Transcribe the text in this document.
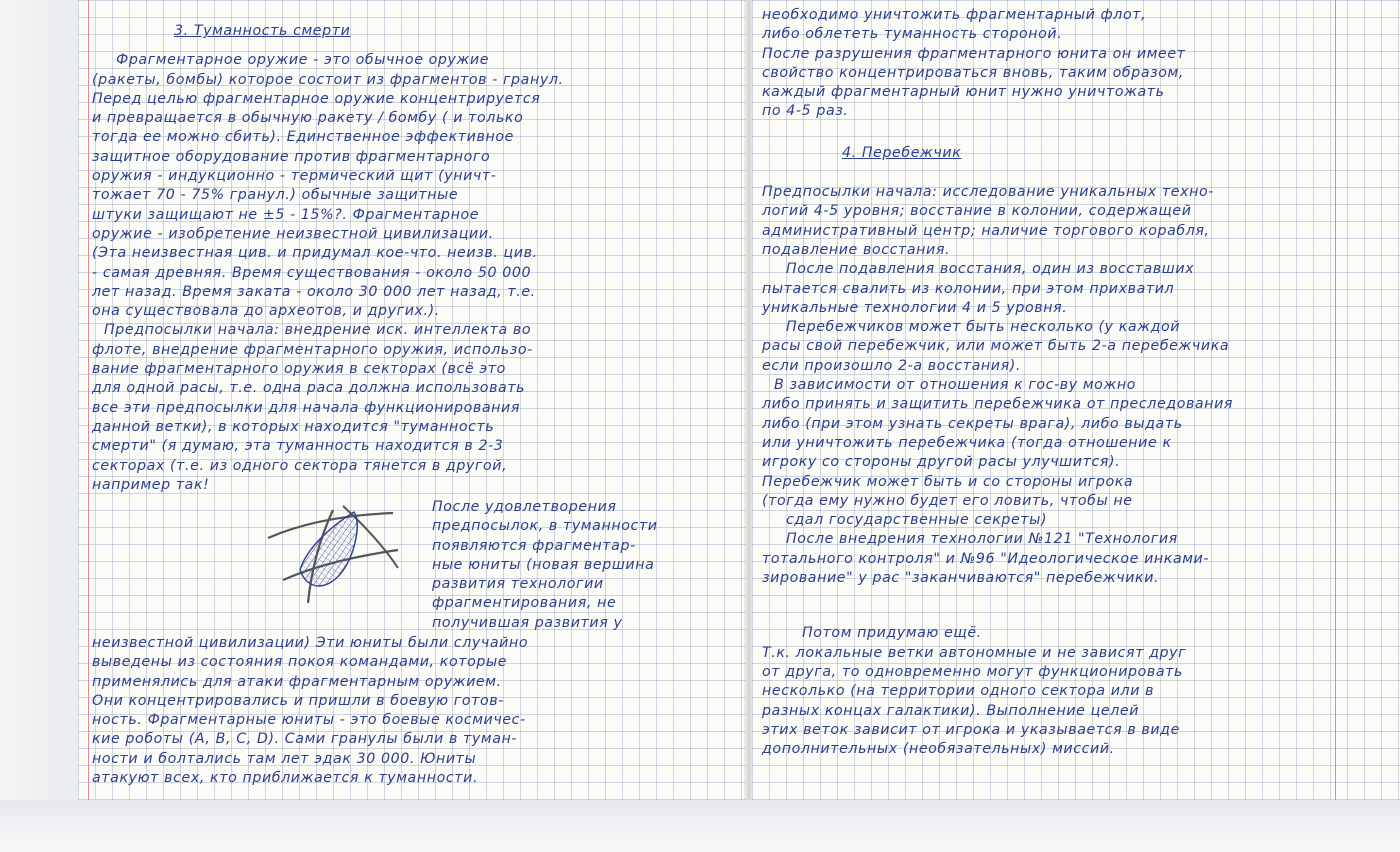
3. Туманность смерти
Фрагментарное оружие - это обычное оружие
(ракеты, бомбы) которое состоит из фрагментов - гранул.
Перед целью фрагментарное оружие концентрируется
и превращается в обычную ракету / бомбу ( и только
тогда ее можно сбить). Единственное эффективное
защитное оборудование против фрагментарного
оружия - индукционно - термический щит (уничт-
тожает 70 - 75% гранул.) обычные защитные
штуки защищают не ±5 - 15%?. Фрагментарное
оружие - изобретение неизвестной цивилизации.
(Эта неизвестная цив. и придумал кое-что. неизв. цив.
- самая древняя. Время существования - около 50 000
лет назад. Время заката - около 30 000 лет назад, т.е.
она существовала до археотов, и других.).
Предпосылки начала: внедрение иск. интеллекта во
флоте, внедрение фрагментарного оружия, использо-
вание фрагментарного оружия в секторах (всё это
для одной расы, т.е. одна раса должна использовать
все эти предпосылки для начала функционирования
данной ветки), в которых находится "туманность
смерти" (я думаю, эта туманность находится в 2-3
секторах (т.е. из одного сектора тянется в другой,
например так!
После удовлетворения
предпосылок, в туманности
появляются фрагментар-
ные юниты (новая вершина
развития технологии
фрагментирования, не
получившая развития у
неизвестной цивилизации) Эти юниты были случайно
выведены из состояния покоя командами, которые
применялись для атаки фрагментарным оружием.
Они концентрировались и пришли в боевую готов-
ность. Фрагментарные юниты - это боевые космичес-
кие роботы (A, B, C, D). Сами гранулы были в туман-
ности и болтались там лет эдак 30 000. Юниты
атакуют всех, кто приближается к туманности.
необходимо уничтожить фрагментарный флот,
либо облететь туманность стороной.
После разрушения фрагментарного юнита он имеет
свойство концентрироваться вновь, таким образом,
каждый фрагментарный юнит нужно уничтожать
по 4-5 раз.
4. Перебежчик
Предпосылки начала: исследование уникальных техно-
логий 4-5 уровня; восстание в колонии, содержащей
административный центр; наличие торгового корабля,
подавление восстания.
После подавления восстания, один из восставших
пытается свалить из колонии, при этом прихватил
уникальные технологии 4 и 5 уровня.
Перебежчиков может быть несколько (у каждой
расы свой перебежчик, или может быть 2-а перебежчика
если произошло 2-а восстания).
В зависимости от отношения к гос-ву можно
либо принять и защитить перебежчика от преследования
либо (при этом узнать секреты врага), либо выдать
или уничтожить перебежчика (тогда отношение к
игроку со стороны другой расы улучшится).
Перебежчик может быть и со стороны игрока
(тогда ему нужно будет его ловить, чтобы не
сдал государственные секреты)
После внедрения технологии №121 "Технология
тотального контроля" и №96 "Идеологическое инками-
зирование" у рас "заканчиваются" перебежчики.
Потом придумаю ещё.
Т.к. локальные ветки автономные и не зависят друг
от друга, то одновременно могут функционировать
несколько (на территории одного сектора или в
разных концах галактики). Выполнение целей
этих веток зависит от игрока и указывается в виде
дополнительных (необязательных) миссий.
